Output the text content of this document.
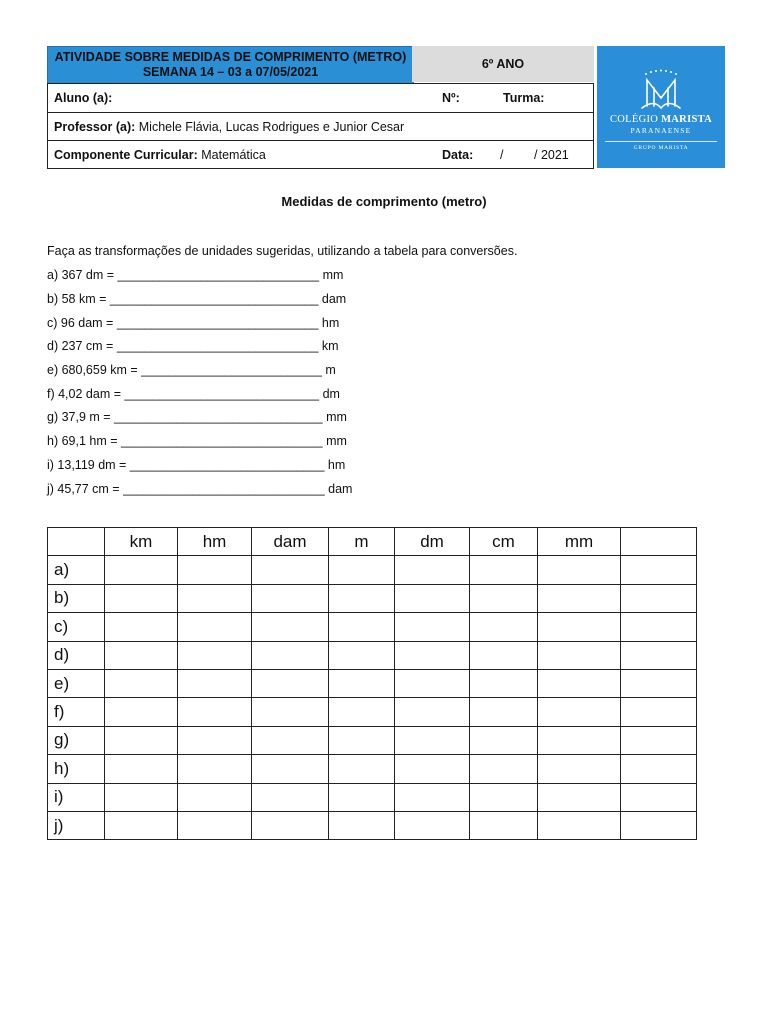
ATIVIDADE SOBRE MEDIDAS DE COMPRIMENTO (METRO)
SEMANA 14 – 03 a 07/05/2021
6º ANO
COLÉGIO MARISTA
PARANAENSE
GRUPO MARISTA
Aluno (a):	Nº:	Turma:
Professor (a): Michele Flávia, Lucas Rodrigues e Junior Cesar
Componente Curricular: Matemática	Data: / / 2021
Medidas de comprimento (metro)
Faça as transformações de unidades sugeridas, utilizando a tabela para conversões.
a) 367 dm = _____________________________ mm
b) 58 km = ______________________________ dam
c) 96 dam = _____________________________ hm
d) 237 cm = _____________________________ km
e) 680,659 km = __________________________ m
f) 4,02 dam = ____________________________ dm
g) 37,9 m = ______________________________ mm
h) 69,1 hm = _____________________________ mm
i) 13,119 dm = ____________________________ hm
j) 45,77 cm = _____________________________ dam
	km	hm	dam	m	dm	cm	mm	
a)								
b)								
c)								
d)								
e)								
f)								
g)								
h)								
i)								
j)								
